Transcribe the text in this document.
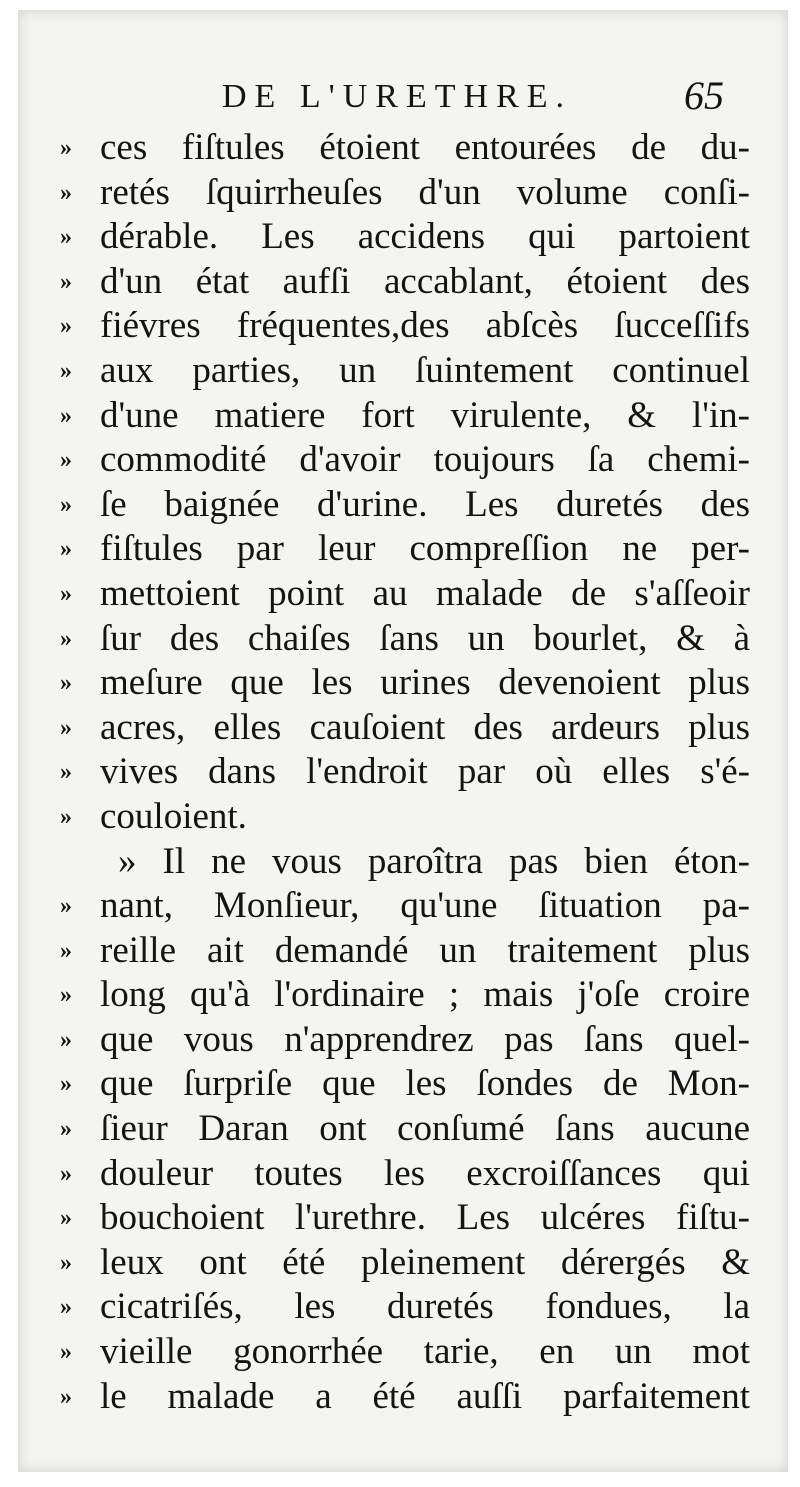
DE L'URETHRE.	65
» ces fiſtules étoient entourées de du-
» retés ſquirrheuſes d'un volume conſi-
» dérable. Les accidens qui partoient
» d'un état aufſi accablant, étoient des
» fiévres fréquentes,des abſcès ſucceſſifs
» aux parties, un ſuintement continuel
» d'une matiere fort virulente, & l'in-
» commodité d'avoir toujours ſa chemi-
» ſe baignée d'urine. Les duretés des
» fiſtules par leur compreſſion ne per-
» mettoient point au malade de s'aſſeoir
» ſur des chaiſes ſans un bourlet, & à
» meſure que les urines devenoient plus
» acres, elles cauſoient des ardeurs plus
» vives dans l'endroit par où elles s'é-
» couloient.
» Il ne vous paroîtra pas bien éton-
» nant, Monſieur, qu'une ſituation pa-
» reille ait demandé un traitement plus
» long qu'à l'ordinaire ; mais j'oſe croire
» que vous n'apprendrez pas ſans quel-
» que ſurpriſe que les ſondes de Mon-
» ſieur Daran ont conſumé ſans aucune
» douleur toutes les excroiſſances qui
» bouchoient l'urethre. Les ulcéres fiſtu-
» leux ont été pleinement dérergés &
» cicatriſés, les duretés fondues, la
» vieille gonorrhée tarie, en un mot
» le malade a été auſſi parfaitement
